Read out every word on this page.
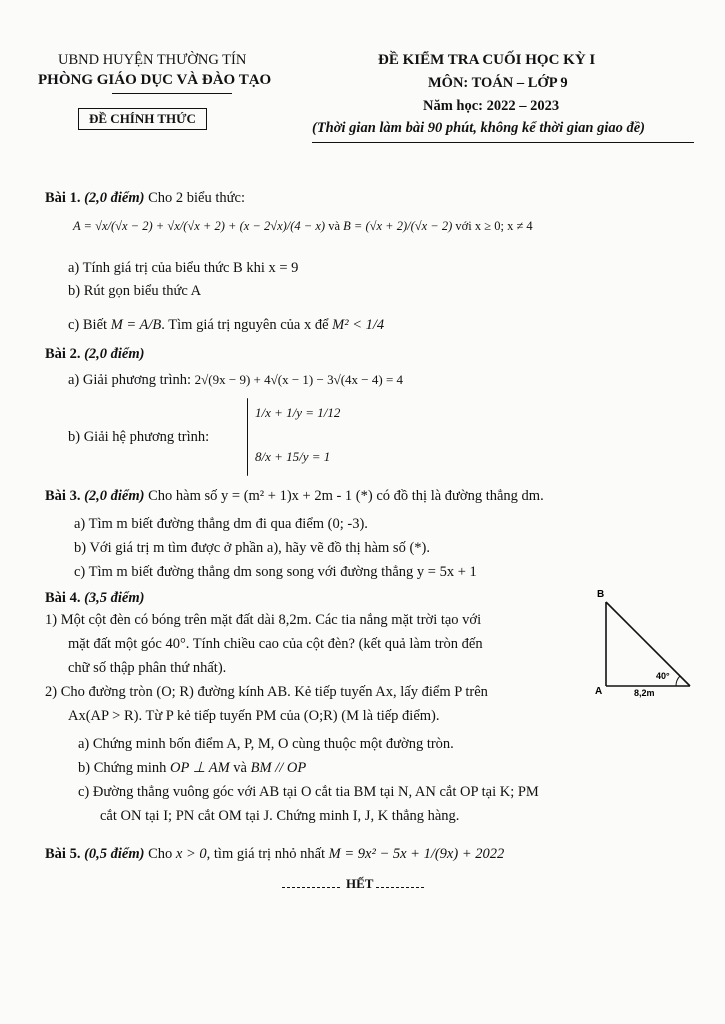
UBND HUYỆN THƯỜNG TÍN
PHÒNG GIÁO DỤC VÀ ĐÀO TẠO
ĐỀ CHÍNH THỨC
ĐỀ KIỂM TRA CUỐI HỌC KỲ I
MÔN: TOÁN – LỚP 9
Năm học: 2022 – 2023
(Thời gian làm bài 90 phút, không kể thời gian giao đề)
Bài 1. (2,0 điểm) Cho 2 biểu thức:
A = √x/(√x − 2) + √x/(√x + 2) + (x − 2√x)/(4 − x) và B = (√x + 2)/(√x − 2) với x ≥ 0; x ≠ 4
a) Tính giá trị của biểu thức B khi x = 9
b) Rút gọn biểu thức A
c) Biết M = A/B. Tìm giá trị nguyên của x để M² < 1/4
Bài 2. (2,0 điểm)
a) Giải phương trình: 2√(9x − 9) + 4√(x − 1) − 3√(4x − 4) = 4
b) Giải hệ phương trình:
1/x + 1/y = 1/12
8/x + 15/y = 1
Bài 3. (2,0 điểm) Cho hàm số y = (m² + 1)x + 2m - 1 (*) có đồ thị là đường thẳng dm.
a) Tìm m biết đường thẳng dm đi qua điểm (0; -3).
b) Với giá trị m tìm được ở phần a), hãy vẽ đồ thị hàm số (*).
c) Tìm m biết đường thẳng dm song song với đường thẳng y = 5x + 1
Bài 4. (3,5 điểm)
1) Một cột đèn có bóng trên mặt đất dài 8,2m. Các tia nắng mặt trời tạo với
mặt đất một góc 40°. Tính chiều cao của cột đèn? (kết quả làm tròn đến
chữ số thập phân thứ nhất).
B
40°
A	8,2m
2) Cho đường tròn (O; R) đường kính AB. Kẻ tiếp tuyến Ax, lấy điểm P trên
Ax(AP > R). Từ P kẻ tiếp tuyến PM của (O;R) (M là tiếp điểm).
a) Chứng minh bốn điểm A, P, M, O cùng thuộc một đường tròn.
b) Chứng minh OP ⊥ AM và BM // OP
c) Đường thẳng vuông góc với AB tại O cắt tia BM tại N, AN cắt OP tại K; PM
cắt ON tại I; PN cắt OM tại J. Chứng minh I, J, K thẳng hàng.
Bài 5. (0,5 điểm) Cho x > 0, tìm giá trị nhỏ nhất M = 9x² − 5x + 1/(9x) + 2022
HẾT
